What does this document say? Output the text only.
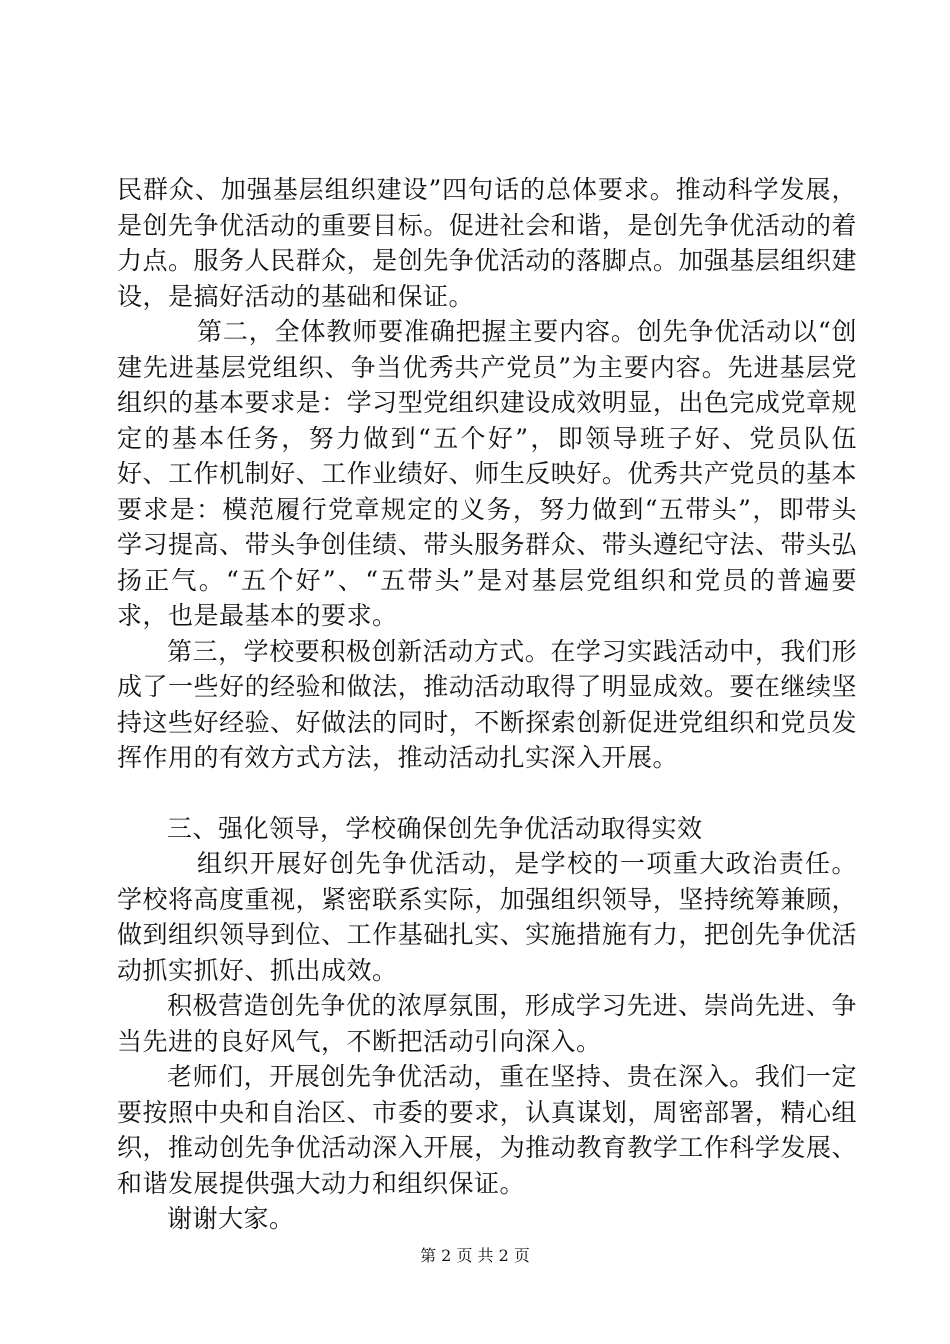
民群众、加强基层组织建设”四句话的总体要求。推动科学发展，是创先争优活动的重要目标。促进社会和谐，是创先争优活动的着力点。服务人民群众，是创先争优活动的落脚点。加强基层组织建设，是搞好活动的基础和保证。

第二，全体教师要准确把握主要内容。创先争优活动以“创建先进基层党组织、争当优秀共产党员”为主要内容。先进基层党组织的基本要求是：学习型党组织建设成效明显，出色完成党章规定的基本任务，努力做到“五个好”，即领导班子好、党员队伍好、工作机制好、工作业绩好、师生反映好。优秀共产党员的基本要求是：模范履行党章规定的义务，努力做到“五带头”，即带头学习提高、带头争创佳绩、带头服务群众、带头遵纪守法、带头弘扬正气。“五个好”、“五带头”是对基层党组织和党员的普遍要求，也是最基本的要求。

第三，学校要积极创新活动方式。在学习实践活动中，我们形成了一些好的经验和做法，推动活动取得了明显成效。要在继续坚持这些好经验、好做法的同时，不断探索创新促进党组织和党员发挥作用的有效方式方法，推动活动扎实深入开展。

三、强化领导，学校确保创先争优活动取得实效

组织开展好创先争优活动，是学校的一项重大政治责任。学校将高度重视，紧密联系实际，加强组织领导，坚持统筹兼顾，做到组织领导到位、工作基础扎实、实施措施有力，把创先争优活动抓实抓好、抓出成效。

积极营造创先争优的浓厚氛围，形成学习先进、崇尚先进、争当先进的良好风气，不断把活动引向深入。

老师们，开展创先争优活动，重在坚持、贵在深入。我们一定要按照中央和自治区、市委的要求，认真谋划，周密部署，精心组织，推动创先争优活动深入开展，为推动教育教学工作科学发展、和谐发展提供强大动力和组织保证。

谢谢大家。

第 2 页 共 2 页
